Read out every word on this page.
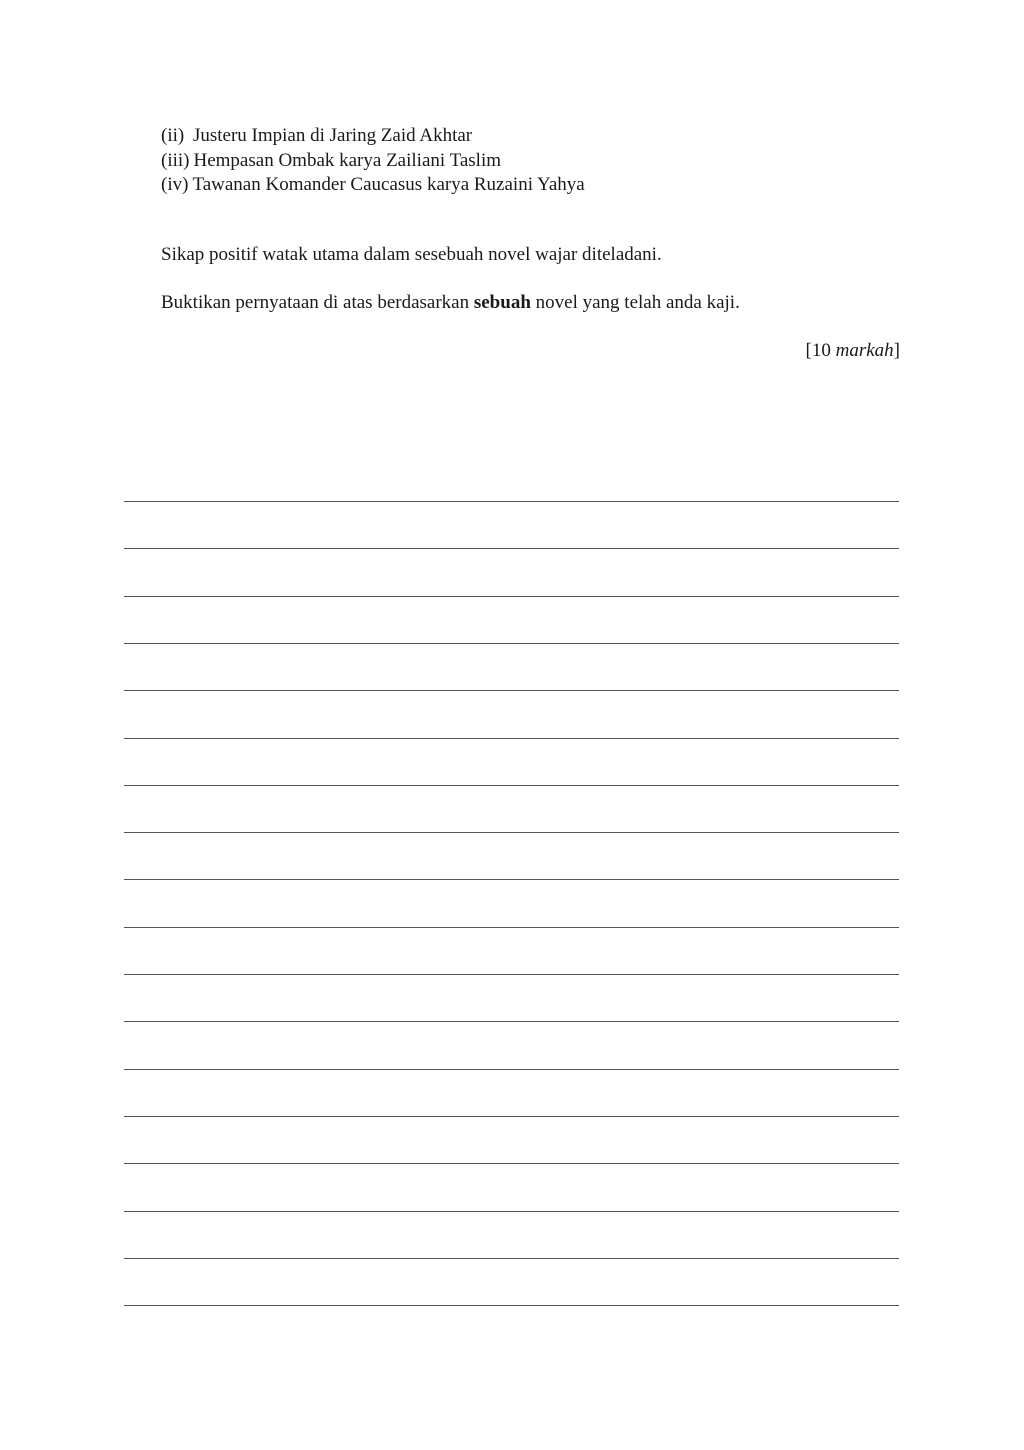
(ii) Justeru Impian di Jaring Zaid Akhtar
(iii) Hempasan Ombak karya Zailiani Taslim
(iv) Tawanan Komander Caucasus karya Ruzaini Yahya

Sikap positif watak utama dalam sesebuah novel wajar diteladani.

Buktikan pernyataan di atas berdasarkan sebuah novel yang telah anda kaji.

[10 markah]
